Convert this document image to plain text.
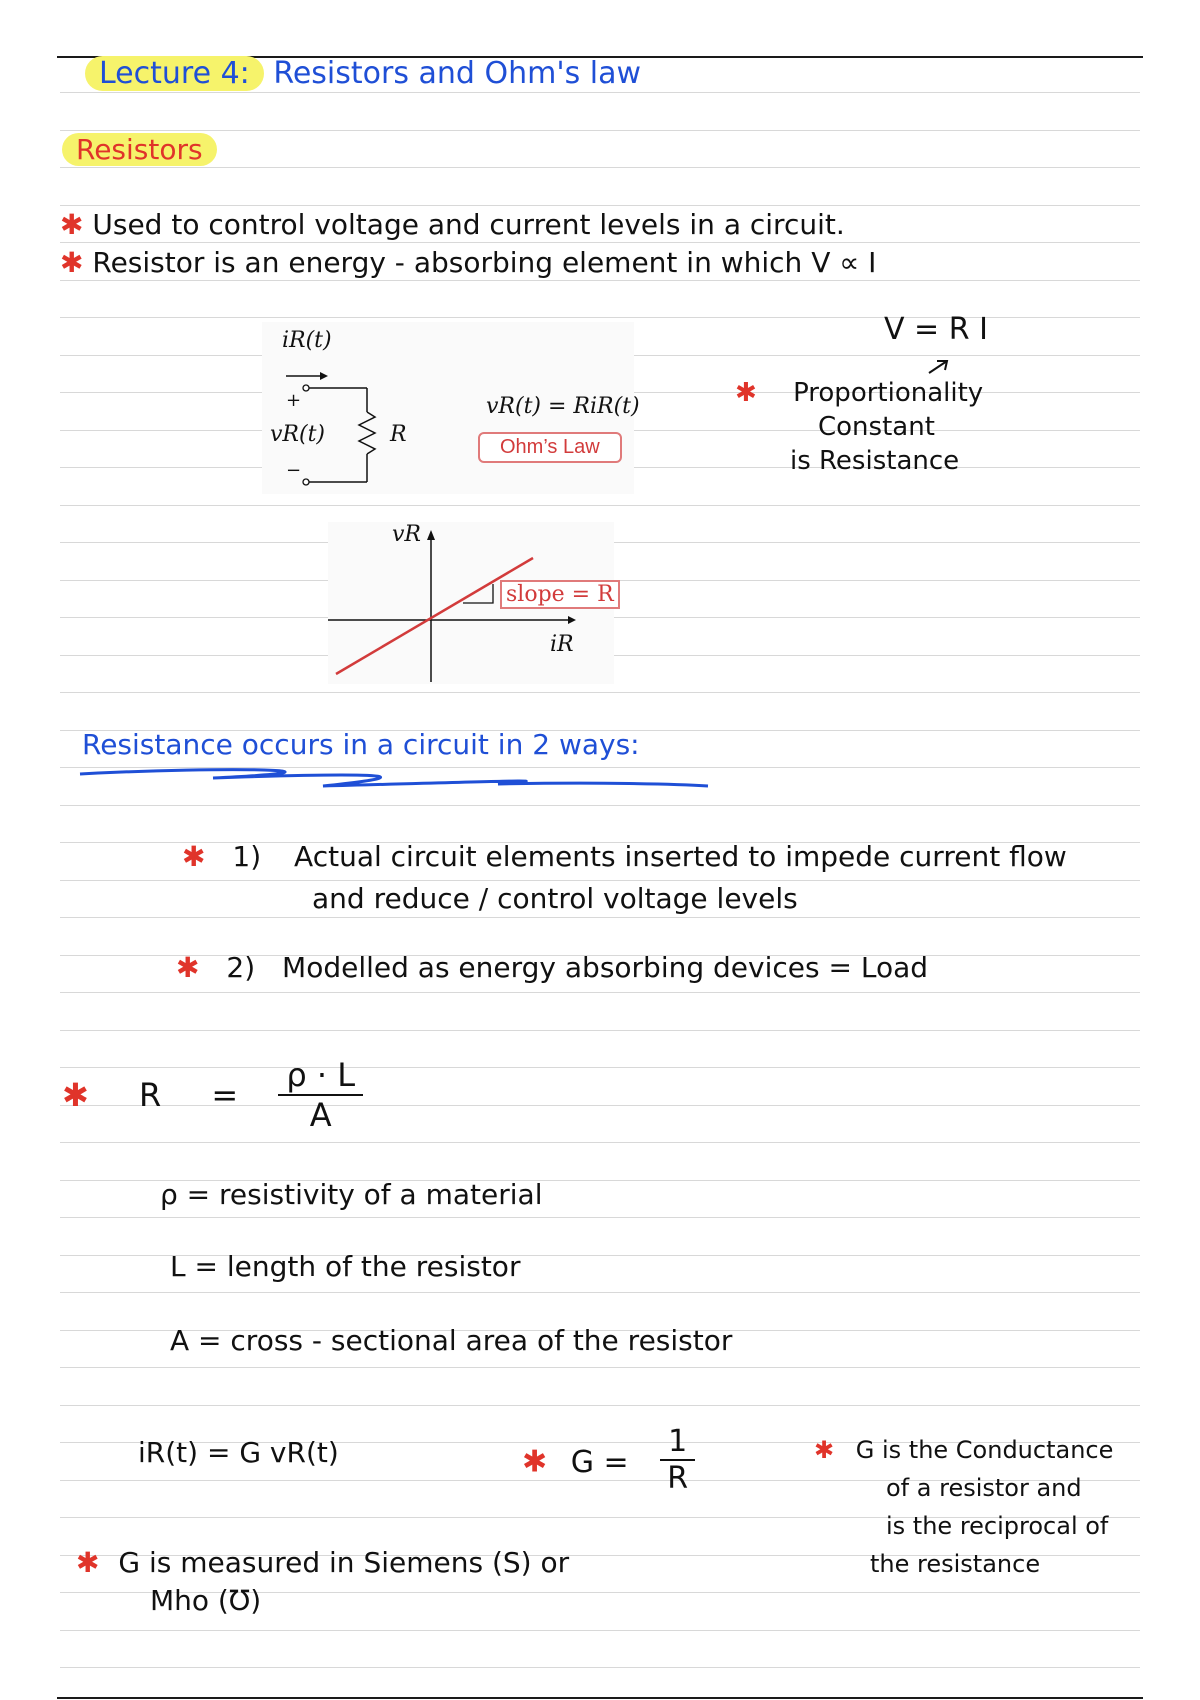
Lecture 4: Resistors and Ohm's law
Resistors
✱ Used to control voltage and current levels in a circuit.
✱ Resistor is an energy - absorbing element in which V ∝ I
V = R I
✱ Proportionality
Constant
is Resistance
iR(t)
+
vR(t)
−
R
vR(t) = RiR(t)
Ohm’s Law
vR
iR
slope = R
Resistance occurs in a circuit in 2 ways:
✱ 1) Actual circuit elements inserted to impede current flow
and reduce / control voltage levels
✱ 2) Modelled as energy absorbing devices = Load
✱ $R = \frac{\rho \cdot L}{A}$
ρ = resistivity of a material
L = length of the resistor
A = cross - sectional area of the resistor
iR(t) = G vR(t)	✱ $G = \frac{1}{R}$	✱ G is the Conductance
of a resistor and
is the reciprocal of
the resistance
✱ G is measured in Siemens (S) or
Mho (℧)
